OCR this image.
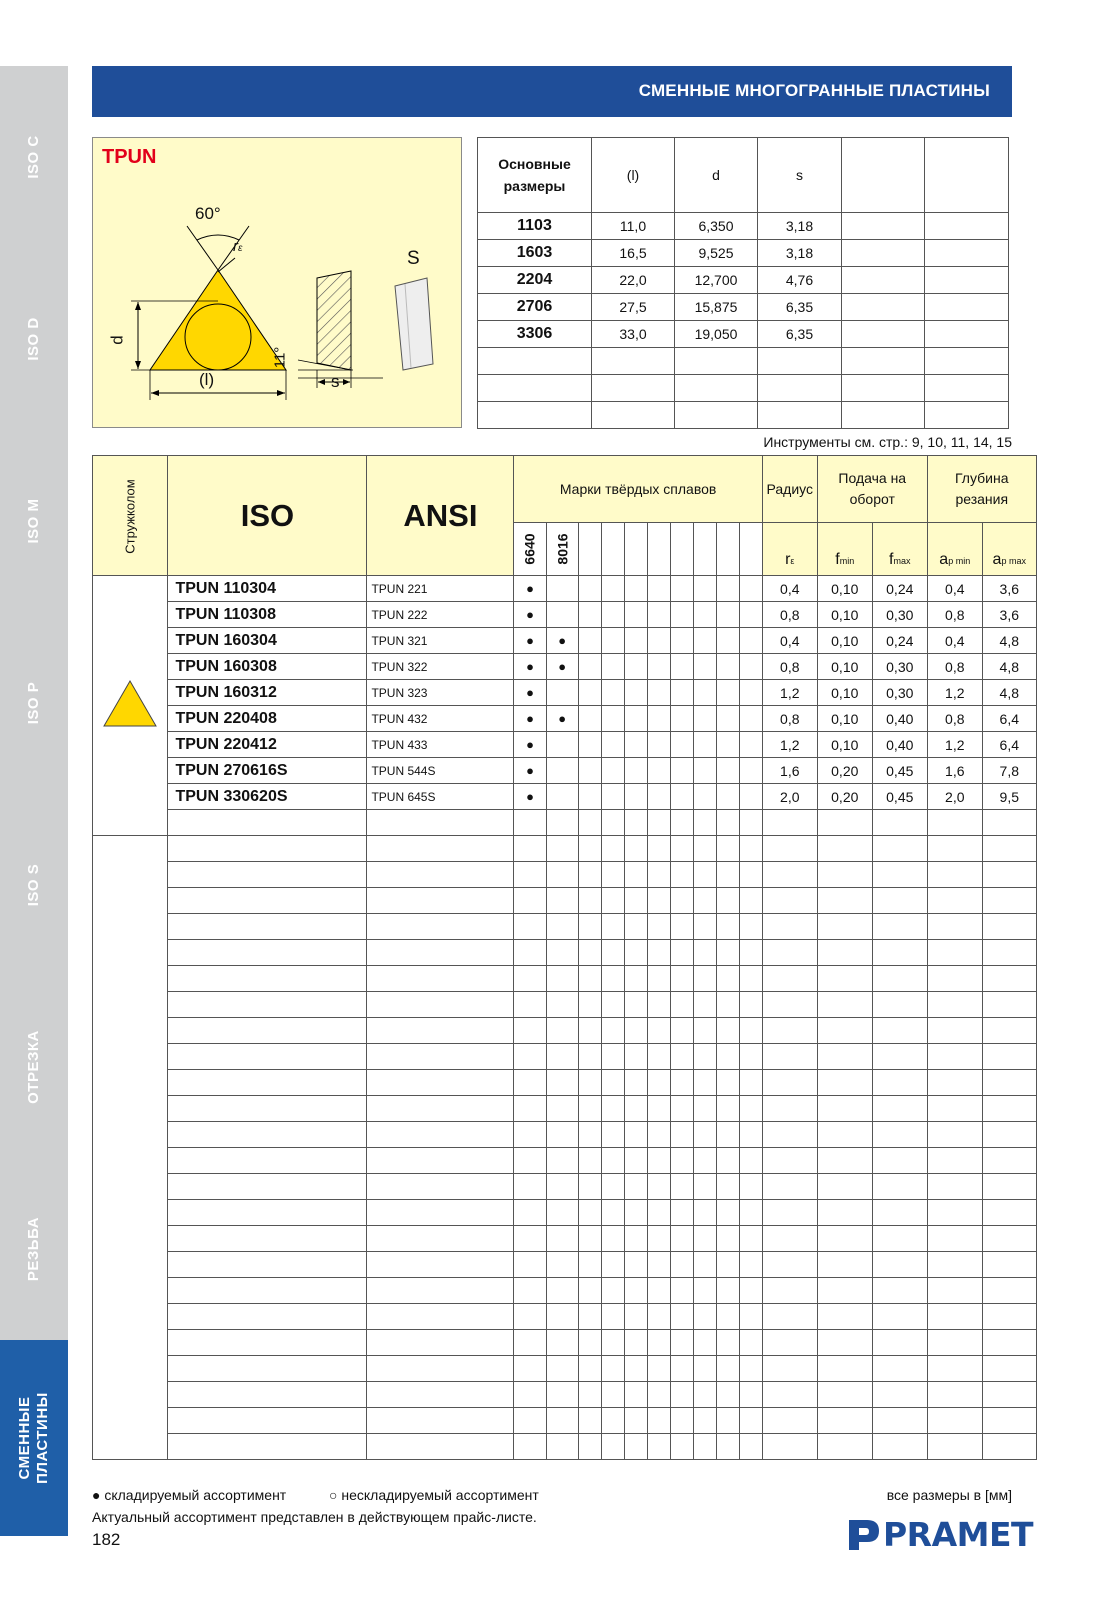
ISO C
ISO D
ISO M
ISO P
ISO S
ОТРЕЗКА
РЕЗЬБА
СМЕННЫЕ ПЛАСТИНЫ
СМЕННЫЕ МНОГОГРАННЫЕ ПЛАСТИНЫ
TPUN
60°
rε
d
(l)
11°
s
S
Основные размеры	(l)	d	s		
1103	11,0	6,350	3,18		
1603	16,5	9,525	3,18		
2204	22,0	12,700	4,76		
2706	27,5	15,875	6,35		
3306	33,0	19,050	6,35		

Инструменты см. стр.: 9, 10, 11, 14, 15
Стружколом	ISO	ANSI	Марки твёрдых сплавов										Радиус	Подача на оборот		Глубина резания	

			6640	8016									rε	fmin	fmax	ap min	ap max
	TPUN 110304	TPUN 221	●										0,4	0,10	0,24	0,4	3,6
	TPUN 110308	TPUN 222	●										0,8	0,10	0,30	0,8	3,6
	TPUN 160304	TPUN 321	●	●									0,4	0,10	0,24	0,4	4,8
	TPUN 160308	TPUN 322	●	●									0,8	0,10	0,30	0,8	4,8
	TPUN 160312	TPUN 323	●										1,2	0,10	0,30	1,2	4,8
	TPUN 220408	TPUN 432	●	●									0,8	0,10	0,40	0,8	6,4
	TPUN 220412	TPUN 433	●										1,2	0,10	0,40	1,2	6,4
	TPUN 270616S	TPUN 544S	●										1,6	0,20	0,45	1,6	7,8
	TPUN 330620S	TPUN 645S	●										2,0	0,20	0,45	2,0	9,5

● складируемый ассортимент	○ нескладируемый ассортимент	все размеры в [мм]
Актуальный ассортимент представлен в действующем прайс-листе.
182	PRAMET
